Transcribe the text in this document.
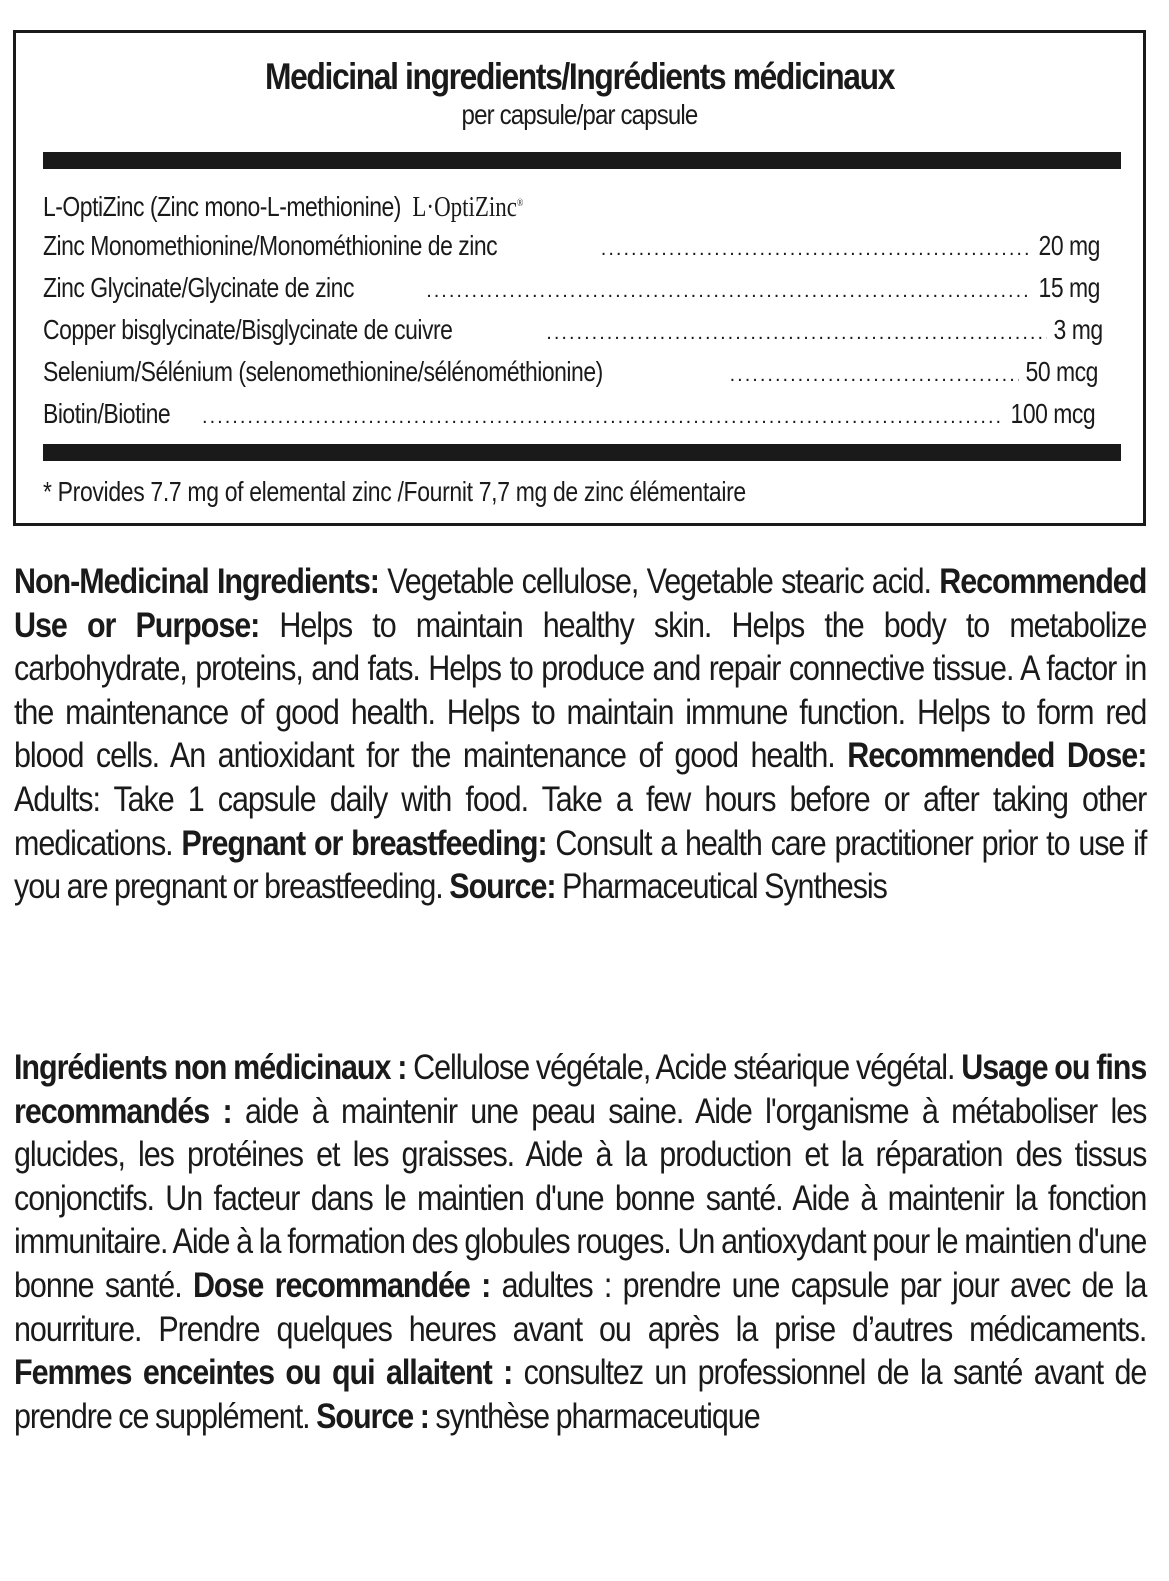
Medicinal ingredients/Ingrédients médicinaux
per capsule/par capsule
L-OptiZinc (Zinc mono-L-methionine) L·OptiZinc®
Zinc Monomethionine/Monométhionine de zinc .....	20 mg
Zinc Glycinate/Glycinate de zinc .....	15 mg
Copper bisglycinate/Bisglycinate de cuivre .....	3 mg
Selenium/Sélénium (selenomethionine/sélénométhionine) .....	50 mcg
Biotin/Biotine .....	100 mcg
* Provides 7.7 mg of elemental zinc /Fournit 7,7 mg de zinc élémentaire
Non-Medicinal Ingredients: Vegetable cellulose, Vegetable stearic acid. Recommended Use or Purpose: Helps to maintain healthy skin. Helps the body to metabolize carbohydrate, proteins, and fats. Helps to produce and repair connective tissue. A factor in the maintenance of good health. Helps to maintain immune function. Helps to form red blood cells. An antioxidant for the maintenance of good health. Recommended Dose: Adults: Take 1 capsule daily with food. Take a few hours before or after taking other medications. Pregnant or breastfeeding: Consult a health care practitioner prior to use if you are pregnant or breastfeeding. Source: Pharmaceutical Synthesis
Ingrédients non médicinaux : Cellulose végétale, Acide stéarique végétal. Usage ou fins recommandés : aide à maintenir une peau saine. Aide l'organisme à métaboliser les glucides, les protéines et les graisses. Aide à la production et la réparation des tissus conjonctifs. Un facteur dans le maintien d'une bonne santé. Aide à maintenir la fonction immunitaire. Aide à la formation des globules rouges. Un antioxydant pour le maintien d'une bonne santé. Dose recommandée : adultes : prendre une capsule par jour avec de la nourriture. Prendre quelques heures avant ou après la prise d’autres médicaments. Femmes enceintes ou qui allaitent : consultez un professionnel de la santé avant de prendre ce supplément. Source : synthèse pharmaceutique
